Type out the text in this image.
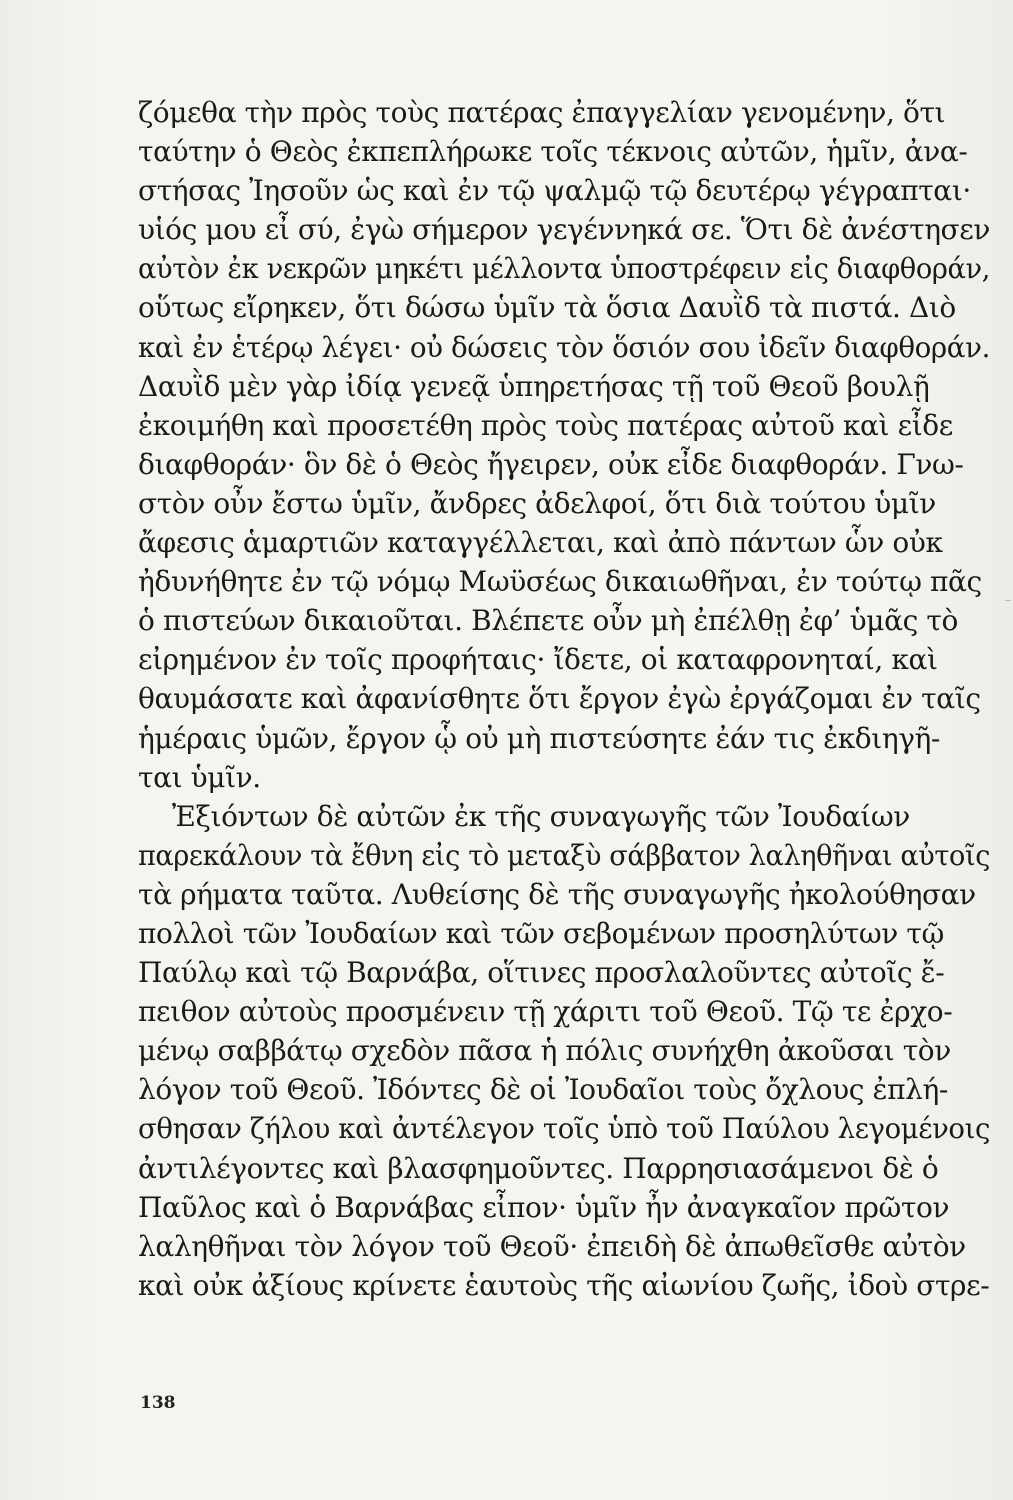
ζόμεθα τὴν πρὸς τοὺς πατέρας ἐπαγγελίαν γενομένην, ὅτι
ταύτην ὁ Θεὸς ἐκπεπλήρωκε τοῖς τέκνοις αὐτῶν, ἡμῖν, ἀνα-
στήσας Ἰησοῦν ὡς καὶ ἐν τῷ ψαλμῷ τῷ δευτέρῳ γέγραπται·
υἱός μου εἶ σύ, ἐγὼ σήμερον γεγέννηκά σε. Ὅτι δὲ ἀνέστησεν
αὐτὸν ἐκ νεκρῶν μηκέτι μέλλοντα ὑποστρέφειν εἰς διαφθοράν,
οὕτως εἴρηκεν, ὅτι δώσω ὑμῖν τὰ ὅσια Δαυῒδ τὰ πιστά. Διὸ
καὶ ἐν ἑτέρῳ λέγει· οὐ δώσεις τὸν ὅσιόν σου ἰδεῖν διαφθοράν.
Δαυῒδ μὲν γὰρ ἰδίᾳ γενεᾷ ὑπηρετήσας τῇ τοῦ Θεοῦ βουλῇ
ἐκοιμήθη καὶ προσετέθη πρὸς τοὺς πατέρας αὐτοῦ καὶ εἶδε
διαφθοράν· ὃν δὲ ὁ Θεὸς ἤγειρεν, οὐκ εἶδε διαφθοράν. Γνω-
στὸν οὖν ἔστω ὑμῖν, ἄνδρες ἀδελφοί, ὅτι διὰ τούτου ὑμῖν
ἄφεσις ἁμαρτιῶν καταγγέλλεται, καὶ ἀπὸ πάντων ὧν οὐκ
ἠδυνήθητε ἐν τῷ νόμῳ Μωϋσέως δικαιωθῆναι, ἐν τούτῳ πᾶς
ὁ πιστεύων δικαιοῦται. Βλέπετε οὖν μὴ ἐπέλθῃ ἐφ’ ὑμᾶς τὸ
εἰρημένον ἐν τοῖς προφήταις· ἴδετε, οἱ καταφρονηταί, καὶ
θαυμάσατε καὶ ἀφανίσθητε ὅτι ἔργον ἐγὼ ἐργάζομαι ἐν ταῖς
ἡμέραις ὑμῶν, ἔργον ᾧ οὐ μὴ πιστεύσητε ἐάν τις ἐκδιηγῆ-
ται ὑμῖν.
Ἐξιόντων δὲ αὐτῶν ἐκ τῆς συναγωγῆς τῶν Ἰουδαίων
παρεκάλουν τὰ ἔθνη εἰς τὸ μεταξὺ σάββατον λαληθῆναι αὐτοῖς
τὰ ρήματα ταῦτα. Λυθείσης δὲ τῆς συναγωγῆς ἠκολούθησαν
πολλοὶ τῶν Ἰουδαίων καὶ τῶν σεβομένων προσηλύτων τῷ
Παύλῳ καὶ τῷ Βαρνάβα, οἵτινες προσλαλοῦντες αὐτοῖς ἔ-
πειθον αὐτοὺς προσμένειν τῇ χάριτι τοῦ Θεοῦ. Τῷ τε ἐρχο-
μένῳ σαββάτῳ σχεδὸν πᾶσα ἡ πόλις συνήχθη ἀκοῦσαι τὸν
λόγον τοῦ Θεοῦ. Ἰδόντες δὲ οἱ Ἰουδαῖοι τοὺς ὄχλους ἐπλή-
σθησαν ζήλου καὶ ἀντέλεγον τοῖς ὑπὸ τοῦ Παύλου λεγομένοις
ἀντιλέγοντες καὶ βλασφημοῦντες. Παρρησιασάμενοι δὲ ὁ
Παῦλος καὶ ὁ Βαρνάβας εἶπον· ὑμῖν ἦν ἀναγκαῖον πρῶτον
λαληθῆναι τὸν λόγον τοῦ Θεοῦ· ἐπειδὴ δὲ ἀπωθεῖσθε αὐτὸν
καὶ οὐκ ἀξίους κρίνετε ἑαυτοὺς τῆς αἰωνίου ζωῆς, ἰδοὺ στρε-
138
